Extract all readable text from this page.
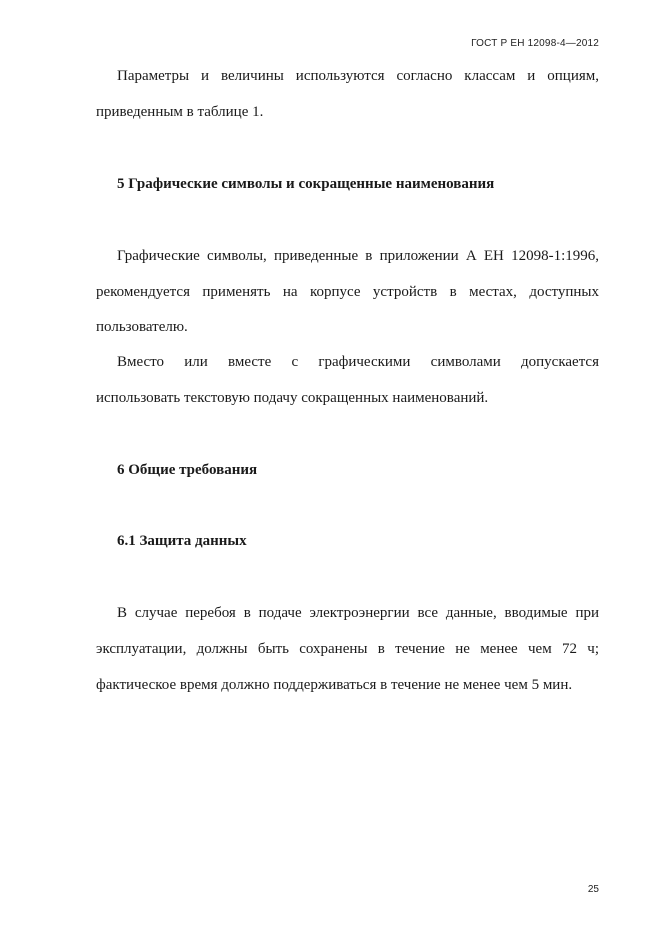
ГОСТ Р ЕН 12098-4—2012
Параметры и величины используются согласно классам и опциям,
приведенным в таблице 1.
5 Графические символы и сокращенные наименования
Графические символы, приведенные в приложении А ЕН 12098-1:1996,
рекомендуется применять на корпусе устройств в местах, доступных
пользователю.
Вместо или вместе с графическими символами допускается
использовать текстовую подачу сокращенных наименований.
6 Общие требования
6.1 Защита данных
В случае перебоя в подаче электроэнергии все данные, вводимые при
эксплуатации, должны быть сохранены в течение не менее чем 72 ч;
фактическое время должно поддерживаться в течение не менее чем 5 мин.
25
